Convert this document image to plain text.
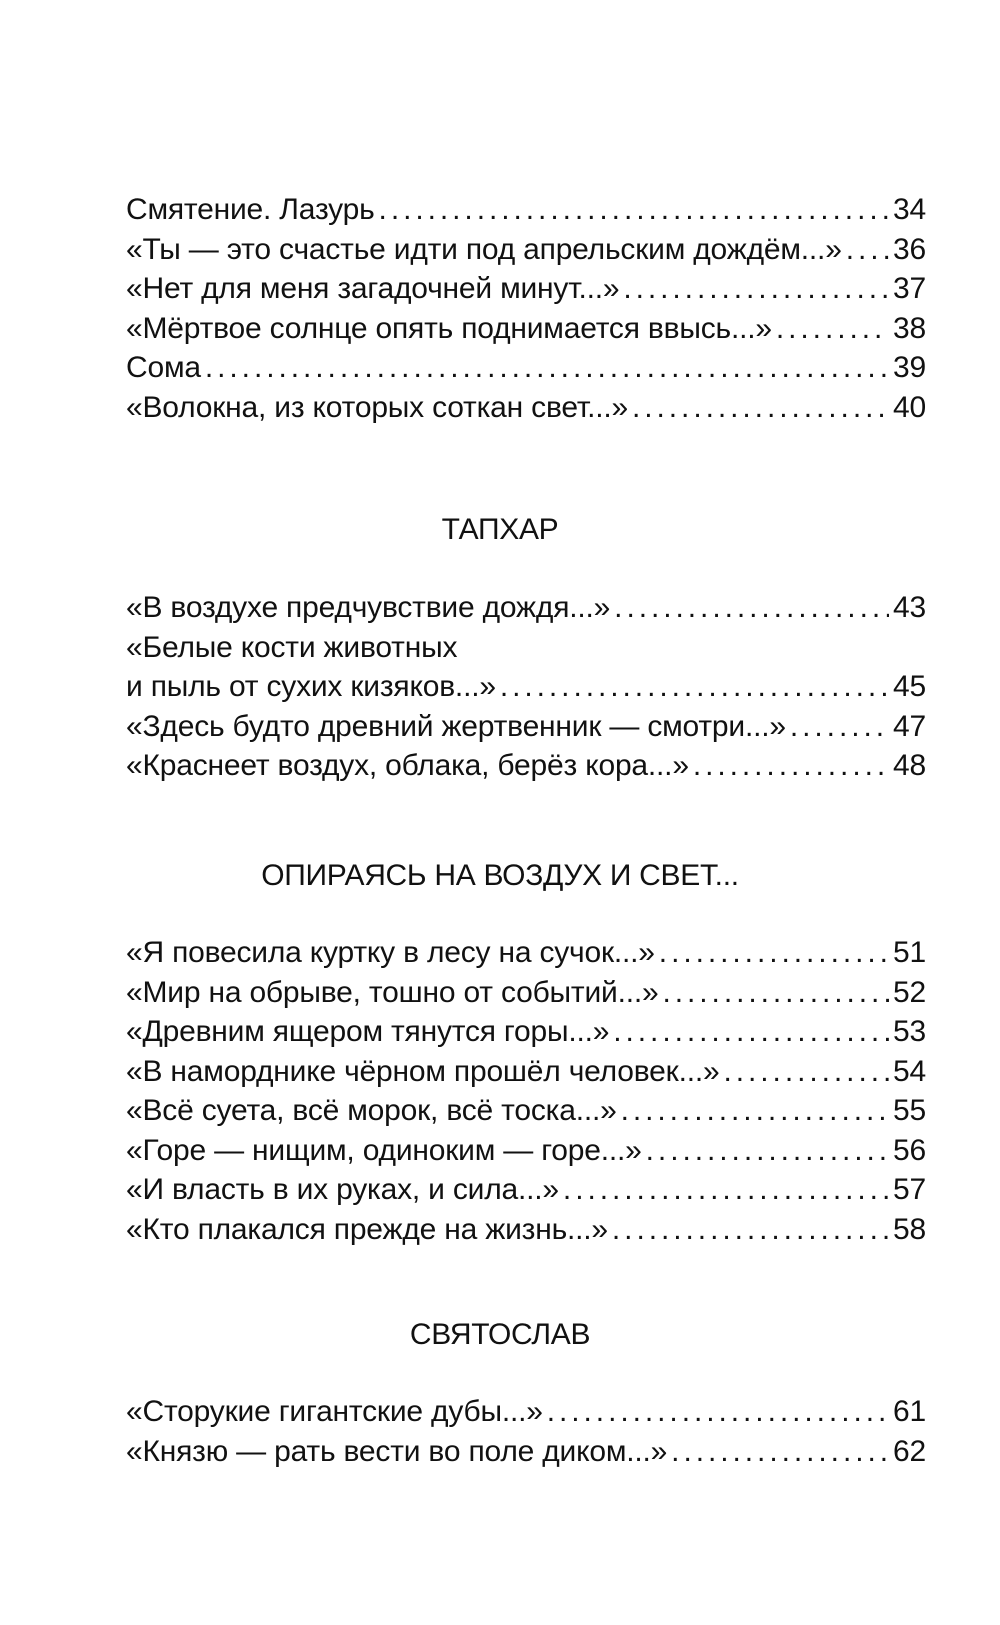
Смятение. Лазурь . . .	34
«Ты — это счастье идти под апрельским дождём...» . . . 36
«Нет для меня загадочней минут...» . . .	37
«Мёртвое солнце опять поднимается ввысь...» . . .	38
Сома . . .	39
«Волокна, из которых соткан свет...» . . .	40
ТАПХАР
«В воздухе предчувствие дождя...» . . .	43
«Белые кости животных
и пыль от сухих кизяков...» . . .	45
«Здесь будто древний жертвенник — смотри...» . . .	47
«Краснеет воздух, облака, берёз кора...» . . .	48
ОПИРАЯСЬ НА ВОЗДУХ И СВЕТ...
«Я повесила куртку в лесу на сучок...» . . .	51
«Мир на обрыве, тошно от событий...» . . .	52
«Древним ящером тянутся горы...» . . .	53
«В наморднике чёрном прошёл человек...» . . .	54
«Всё суета, всё морок, всё тоска...» . . .	55
«Горе — нищим, одиноким — горе...» . . .	56
«И власть в их руках, и сила...» . . .	57
«Кто плакался прежде на жизнь...» . . .	58
СВЯТОСЛАВ
«Сторукие гигантские дубы...» . . .	61
«Князю — рать вести во поле диком...» . . .	62
